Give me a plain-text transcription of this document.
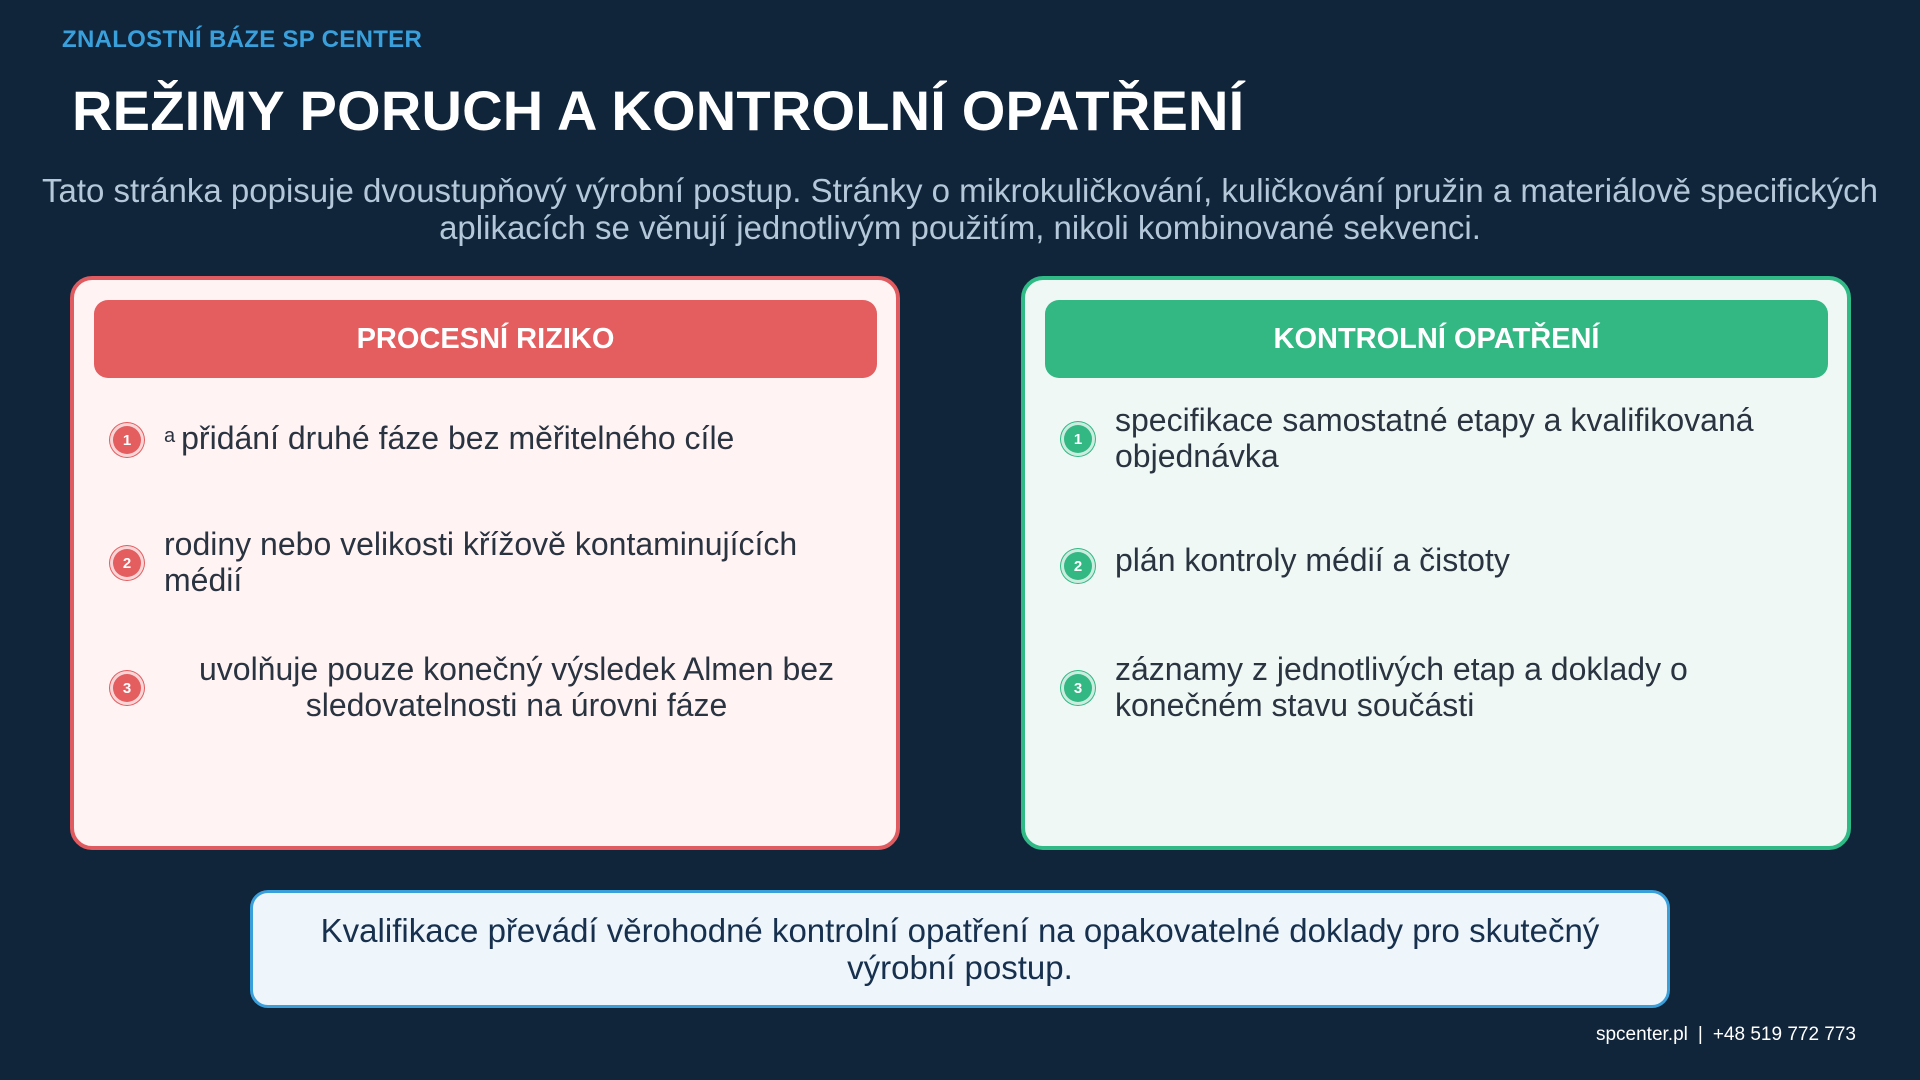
ZNALOSTNÍ BÁZE SP CENTER
REŽIMY PORUCH A KONTROLNÍ OPATŘENÍ
Tato stránka popisuje dvoustupňový výrobní postup. Stránky o mikrokuličkování, kuličkování pružin a materiálově specifických aplikacích se věnují jednotlivým použitím, nikoli kombinované sekvenci.
PROCESNÍ RIZIKO
1	$^a$ přidání druhé fáze bez měřitelného cíle
2
rodiny nebo velikosti křížově kontaminujících médií
3
uvolňuje pouze konečný výsledek Almen bez sledovatelnosti na úrovni fáze
KONTROLNÍ OPATŘENÍ
1
specifikace samostatné etapy a kvalifikovaná objednávka
2	plán kontroly médií a čistoty
3
záznamy z jednotlivých etap a doklady o konečném stavu součásti
Kvalifikace převádí věrohodné kontrolní opatření na opakovatelné doklady pro skutečný výrobní postup.
spcenter.pl | +48 519 772 773
